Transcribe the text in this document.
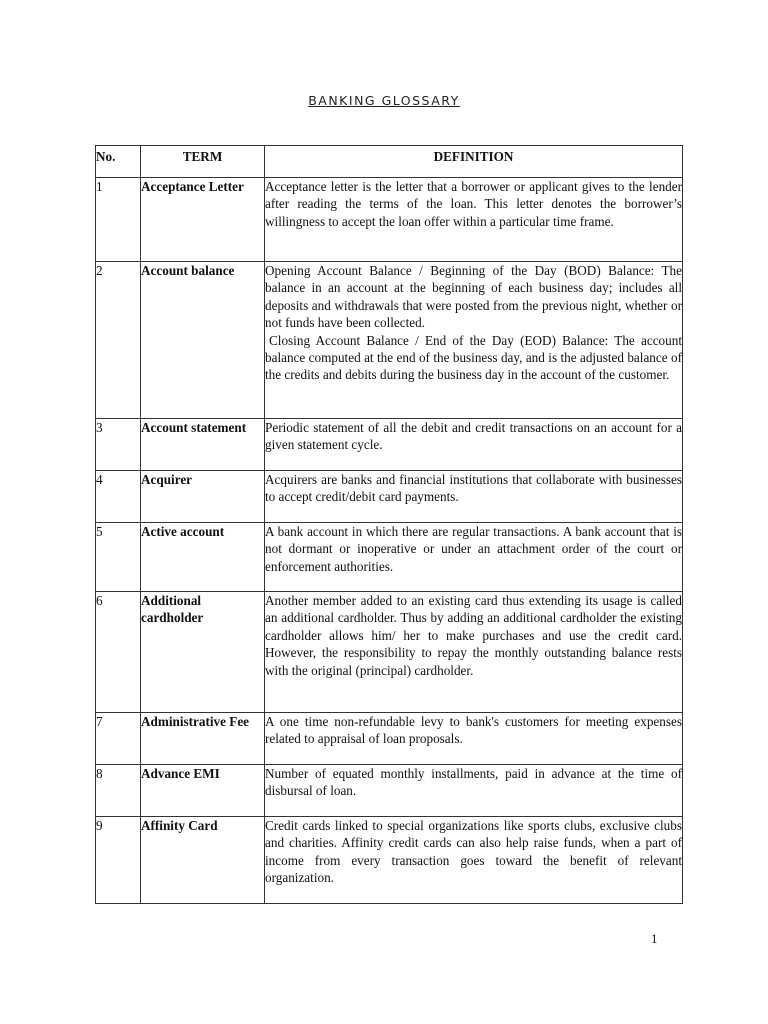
BANKING GLOSSARY
No.	TERM	DEFINITION
1	Acceptance Letter	Acceptance letter is the letter that a borrower or applicant gives to the lender after reading the terms of the loan. This letter denotes the borrower’s willingness to accept the loan offer within a particular time frame.

2	Account balance	Opening Account Balance / Beginning of the Day (BOD) Balance: The balance in an account at the beginning of each business day; includes all deposits and withdrawals that were posted from the previous night, whether or not funds have been collected.
Closing Account Balance / End of the Day (EOD) Balance: The account balance computed at the end of the business day, and is the adjusted balance of the credits and debits during the business day in the account of the customer.

3	Account statement	Periodic statement of all the debit and credit transactions on an account for a given statement cycle.

4	Acquirer	Acquirers are banks and financial institutions that collaborate with businesses to accept credit/debit card payments.

5	Active account	A bank account in which there are regular transactions. A bank account that is not dormant or inoperative or under an attachment order of the court or enforcement authorities.

6	Additional cardholder	Another member added to an existing card thus extending its usage is called an additional cardholder. Thus by adding an additional cardholder the existing cardholder allows him/ her to make purchases and use the credit card. However, the responsibility to repay the monthly outstanding balance rests with the original (principal) cardholder.

7	Administrative Fee	A one time non-refundable levy to bank's customers for meeting expenses related to appraisal of loan proposals.

8	Advance EMI	Number of equated monthly installments, paid in advance at the time of disbursal of loan.

9	Affinity Card	Credit cards linked to special organizations like sports clubs, exclusive clubs and charities. Affinity credit cards can also help raise funds, when a part of income from every transaction goes toward the benefit of relevant organization.
1
